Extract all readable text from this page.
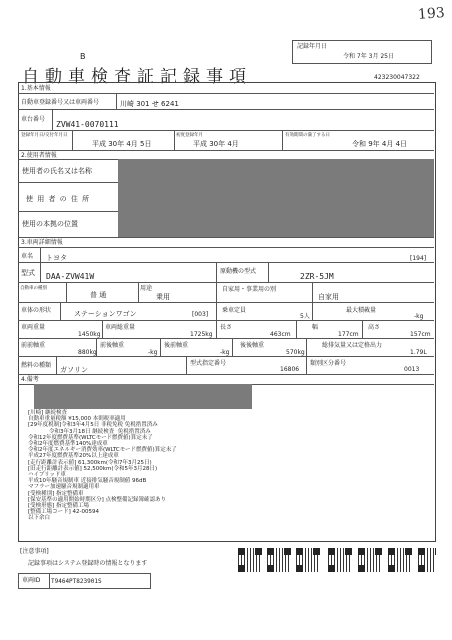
193
B
記録年月日
令和 7年 3月 25日
自動車検査証記録事項	423230047322
1.基本情報
自動車登録番号又は車両番号	川崎 301 せ 6241
車台番号
ZVW41-0070111
登録年月日/交付年月日
平成 30年 4月 5日
初度登録年月
平成 30年 4月
有効期間の満了する日
令和 9年 4月 4日
2.使用者情報
使用者の氏名又は名称
使 用 者 の 住 所
使用の本拠の位置
3.車両詳細情報
車名 トヨタ	[194]
型式 DAA-ZVW41W
原動機の型式
2ZR-5JM
自動車の種別
普 通
用途
乗用
自家用・事業用の別
自家用
車体の形状	ステーションワゴン	[003]
乗車定員
5人
最大積載量
-kg
車両重量
1450kg
車両総重量
1725kg
長さ
463cm
幅
177cm
高さ
157cm
前前軸重
880kg
前後軸重
-kg
後前軸重
-kg
後後軸重
570kg
総排気量又は定格出力
1.79L
燃料の種類
ガソリン
型式指定番号
16806
類別区分番号
0013
4.備考
[川崎] 継続検査
自動車重量税額 ¥15,000 本則税率適用
[29年度税制]令和3年4月5日 非税免税 免税措置済み
令和3年3月18日 継続検査  免税措置済み
令和12年度燃費基準(WLTCモード燃費値)算定未了
令和2年度燃費基準140%達成車
令和2年度エネルギー消費効率(WLTCモード燃費値)算定未了
平成27年度燃費基準20%以上達成車
[走行距離計表示値] 61,300km(令和7年3月25日)
[旧走行距離計表示値] 52,500km(令和5年3月28日)
ハイブリッド車
平成10年騒音規制車 近接排気騒音規制値 96dB
マフラー加速騒音規制適用車
[受検種別] 指定整備車
[保安基準の適用開始時期区分] 点検整備記録簿確認あり
[受検形態] 指定整備工場
[整備工場コード] 42-00594
以下余白
[注意事項]
記録事項はシステム登録時の情報となります
車両ID T9464PT823901S
